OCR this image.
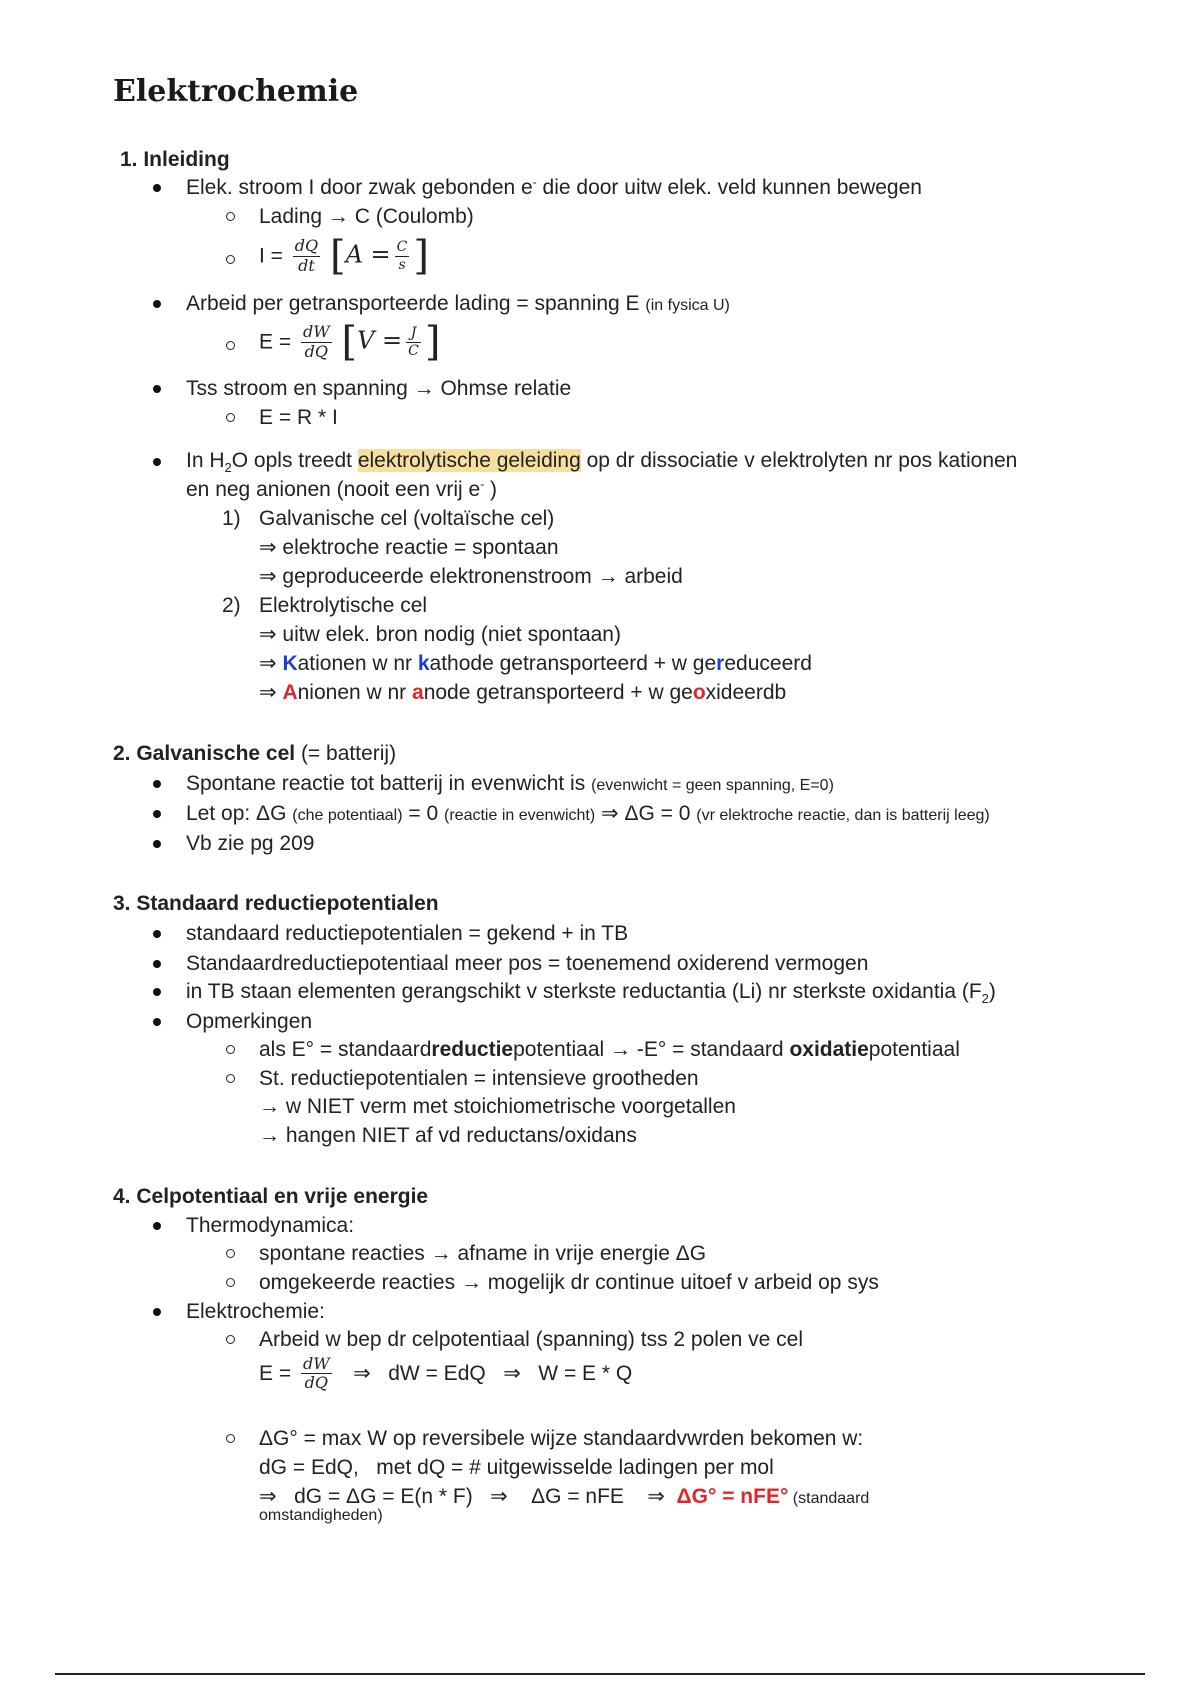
Elektrochemie
1. Inleiding
Elek. stroom I door zwak gebonden e- die door uitw elek. veld kunnen bewegen
Lading → C (Coulomb)
$I = \frac{dQ}{dt} [A = \frac{C}{s}$ ]
Arbeid per getransporteerde lading = spanning E (in fysica U)
$E = \frac{dW}{dQ} [V = \frac{J}{C}$ ]
Tss stroom en spanning → Ohmse relatie
E = R * I
In $H_2O$ opls treedt elektrolytische geleiding op dr dissociatie v elektrolyten nr pos kationen
en neg anionen (nooit een vrij e- )
1) Galvanische cel (voltaïsche cel)
⇒ elektroche reactie = spontaan
⇒ geproduceerde elektronenstroom → arbeid
2) Elektrolytische cel
⇒ uitw elek. bron nodig (niet spontaan)
⇒ Kationen w nr kathode getransporteerd + w gereduceerd
⇒ Anionen w nr anode getransporteerd + w geoxideerdb
2. Galvanische cel (= batterij)
Spontane reactie tot batterij in evenwicht is (evenwicht = geen spanning, E=0)
Let op: ΔG (che potentiaal) = 0 (reactie in evenwicht) ⇒ ΔG = 0 (vr elektroche reactie, dan is batterij leeg)
Vb zie pg 209
3. Standaard reductiepotentialen
standaard reductiepotentialen = gekend + in TB
Standaardreductiepotentiaal meer pos = toenemend oxiderend vermogen
in TB staan elementen gerangschikt v sterkste reductantia (Li) nr sterkste oxidantia $(F_2)$
Opmerkingen
als E° = standaardreductiepotentiaal → -E° = standaard oxidatiepotentiaal
St. reductiepotentialen = intensieve grootheden
→ w NIET verm met stoichiometrische voorgetallen
→ hangen NIET af vd reductans/oxidans
4. Celpotentiaal en vrije energie
Thermodynamica:
spontane reacties → afname in vrije energie ΔG
omgekeerde reacties → mogelijk dr continue uitoef v arbeid op sys
Elektrochemie:
Arbeid w bep dr celpotentiaal (spanning) tss 2 polen ve cel
$E = \frac{dW}{dQ}$ ⇒   dW = EdQ   ⇒   W = E * Q
ΔG° = max W op reversibele wijze standaardvwrden bekomen w:
dG = EdQ,   met dQ = # uitgewisselde ladingen per mol
⇒   dG = ΔG = E(n * F)   ⇒    ΔG = nFE    ⇒  ΔG° = nFE° (standaard
omstandigheden)
